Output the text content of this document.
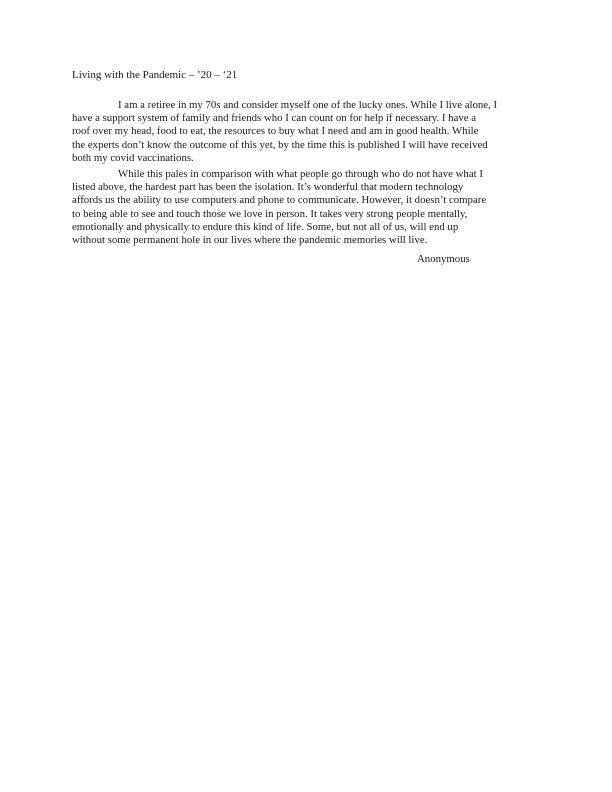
Living with the Pandemic – ’20 – ‘21
I am a retiree in my 70s and consider myself one of the lucky ones. While I live alone, I
have a support system of family and friends who I can count on for help if necessary. I have a
roof over my head, food to eat, the resources to buy what I need and am in good health. While
the experts don’t know the outcome of this yet, by the time this is published I will have received
both my covid vaccinations.
While this pales in comparison with what people go through who do not have what I
listed above, the hardest part has been the isolation. It’s wonderful that modern technology
affords us the ability to use computers and phone to communicate. However, it doesn’t compare
to being able to see and touch those we love in person. It takes very strong people mentally,
emotionally and physically to endure this kind of life. Some, but not all of us, will end up
without some permanent hole in our lives where the pandemic memories will live.
Anonymous
